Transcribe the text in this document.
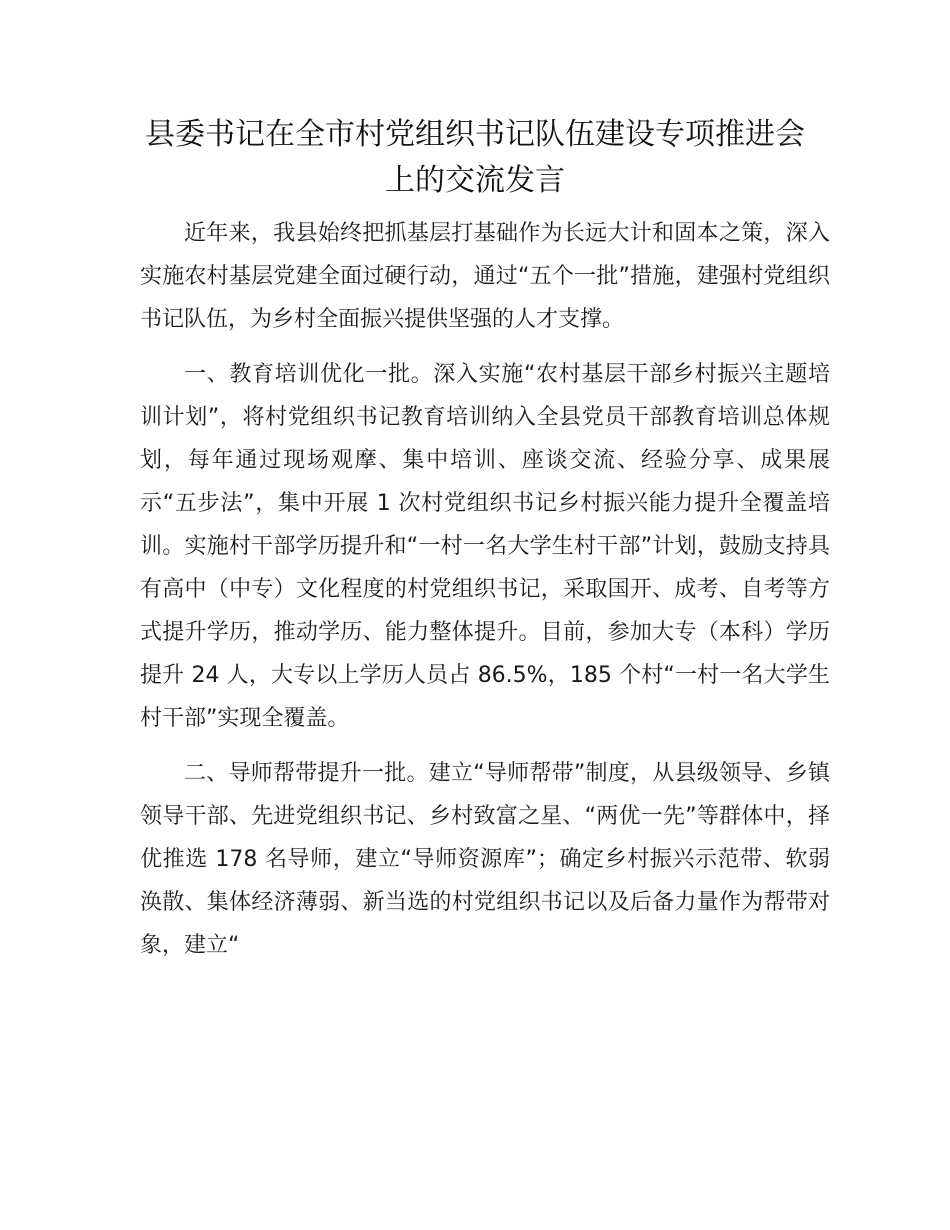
县委书记在全市村党组织书记队伍建设专项推进会上的交流发言

近年来，我县始终把抓基层打基础作为长远大计和固本之策，深入实施农村基层党建全面过硬行动，通过“五个一批”措施，建强村党组织书记队伍，为乡村全面振兴提供坚强的人才支撑。

一、教育培训优化一批。深入实施“农村基层干部乡村振兴主题培训计划”，将村党组织书记教育培训纳入全县党员干部教育培训总体规划，每年通过现场观摩、集中培训、座谈交流、经验分享、成果展示“五步法”，集中开展 1 次村党组织书记乡村振兴能力提升全覆盖培训。实施村干部学历提升和“一村一名大学生村干部”计划，鼓励支持具有高中（中专）文化程度的村党组织书记，采取国开、成考、自考等方式提升学历，推动学历、能力整体提升。目前，参加大专（本科）学历提升 24 人，大专以上学历人员占 86.5%，185 个村“一村一名大学生村干部”实现全覆盖。

二、导师帮带提升一批。建立“导师帮带”制度，从县级领导、乡镇领导干部、先进党组织书记、乡村致富之星、“两优一先”等群体中，择优推选 178 名导师，建立“导师资源库”；确定乡村振兴示范带、软弱涣散、集体经济薄弱、新当选的村党组织书记以及后备力量作为帮带对象，建立“
